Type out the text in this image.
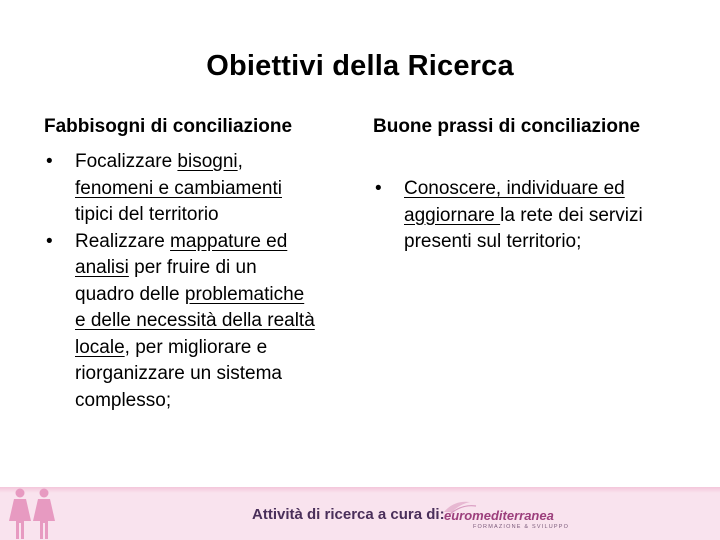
Obiettivi della Ricerca
Fabbisogni di conciliazione	Buone prassi di conciliazione
•	Focalizzare bisogni,
fenomeni e cambiamenti
tipici del territorio
•	Realizzare mappature ed
analisi per fruire di un
quadro delle problematiche
e delle necessità della realtà
locale, per migliorare e
riorganizzare un sistema
complesso;
•	Conoscere, individuare ed
aggiornare la rete dei servizi
presenti sul territorio;
Attività di ricerca a cura di: euromediterranea
FORMAZIONE & SVILUPPO
